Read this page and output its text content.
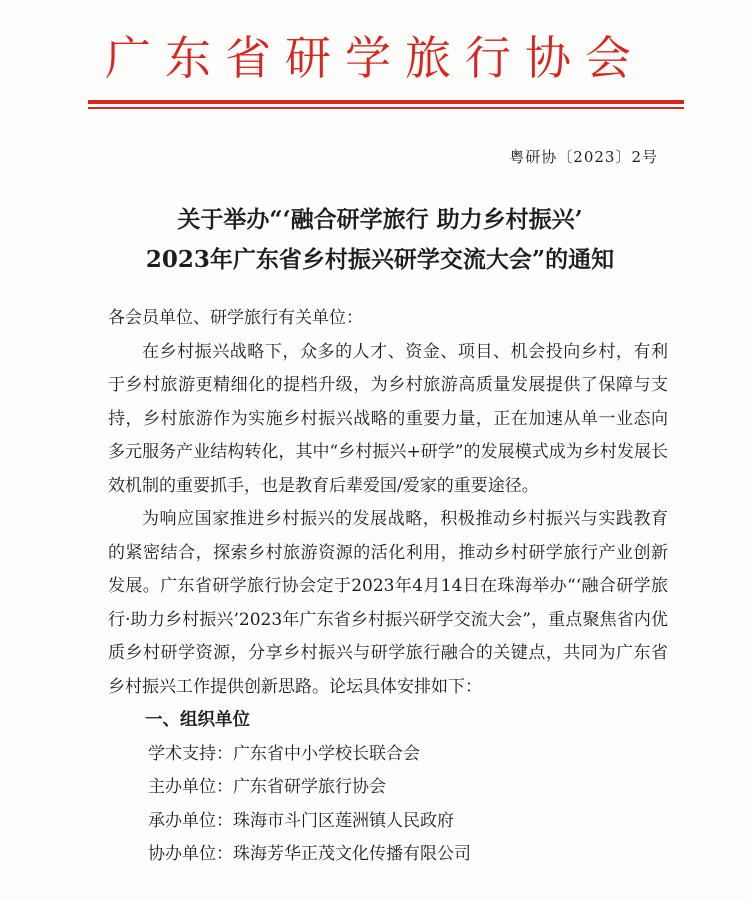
广东省研学旅行协会
粤研协〔2023〕2号
关于举办“‘融合研学旅行 助力乡村振兴’
2023年广东省乡村振兴研学交流大会”的通知

各会员单位、研学旅行有关单位：

在乡村振兴战略下，众多的人才、资金、项目、机会投向乡村，有利于乡村旅游更精细化的提档升级，为乡村旅游高质量发展提供了保障与支持，乡村旅游作为实施乡村振兴战略的重要力量，正在加速从单一业态向多元服务产业结构转化，其中“乡村振兴+研学”的发展模式成为乡村发展长效机制的重要抓手，也是教育后辈爱国/爱家的重要途径。

为响应国家推进乡村振兴的发展战略，积极推动乡村振兴与实践教育的紧密结合，探索乡村旅游资源的活化利用，推动乡村研学旅行产业创新发展。广东省研学旅行协会定于2023年4月14日在珠海举办“‘融合研学旅行·助力乡村振兴’2023年广东省乡村振兴研学交流大会”，重点聚焦省内优质乡村研学资源，分享乡村振兴与研学旅行融合的关键点，共同为广东省乡村振兴工作提供创新思路。论坛具体安排如下：

一、组织单位

学术支持：广东省中小学校长联合会
主办单位：广东省研学旅行协会
承办单位：珠海市斗门区莲洲镇人民政府
协办单位：珠海芳华正茂文化传播有限公司
